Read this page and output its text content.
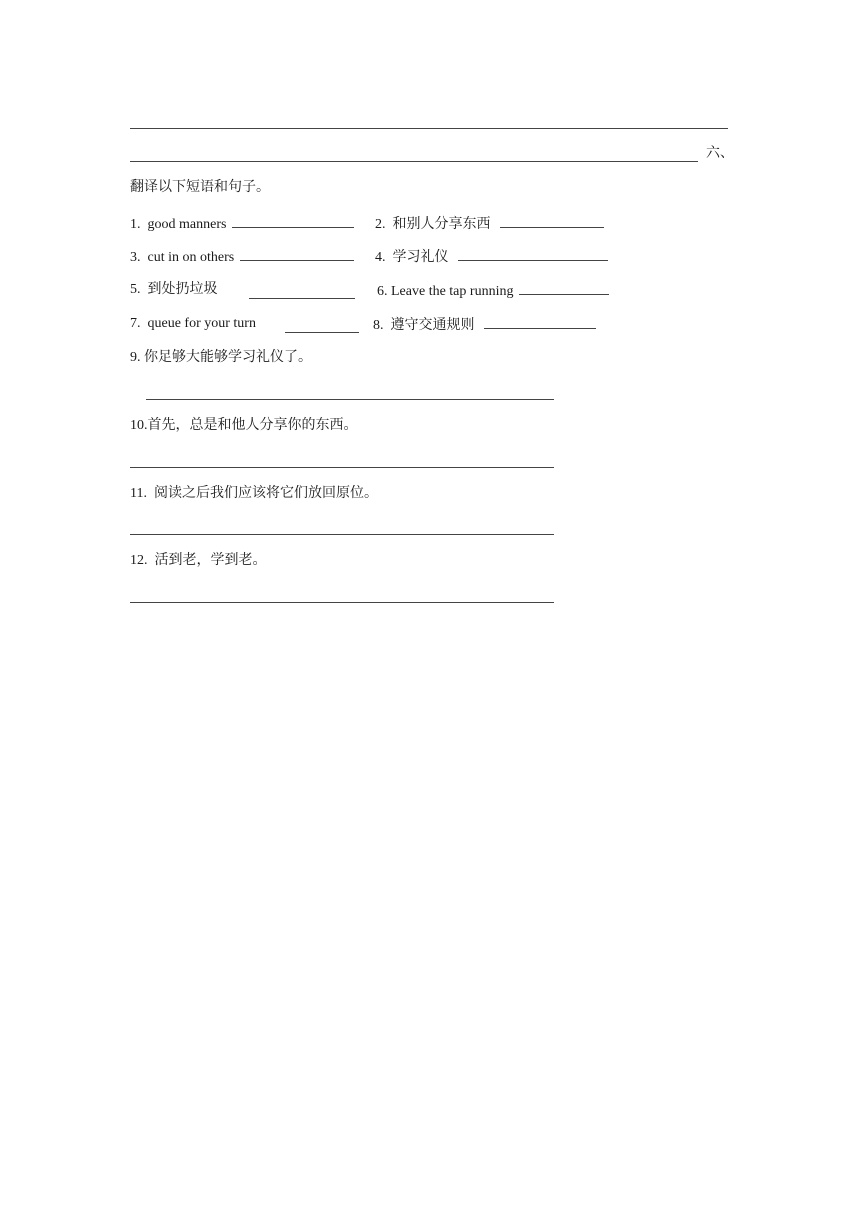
六、
翻译以下短语和句子。
1. good manners	2. 和别人分享东西
3. cut in on others	4. 学习礼仪
5. 到处扔垃圾	6. Leave the tap running
7. queue for your turn	8. 遵守交通规则
9. 你足够大能够学习礼仪了。
10.首先，总是和他人分享你的东西。
11. 阅读之后我们应该将它们放回原位。
12. 活到老，学到老。
